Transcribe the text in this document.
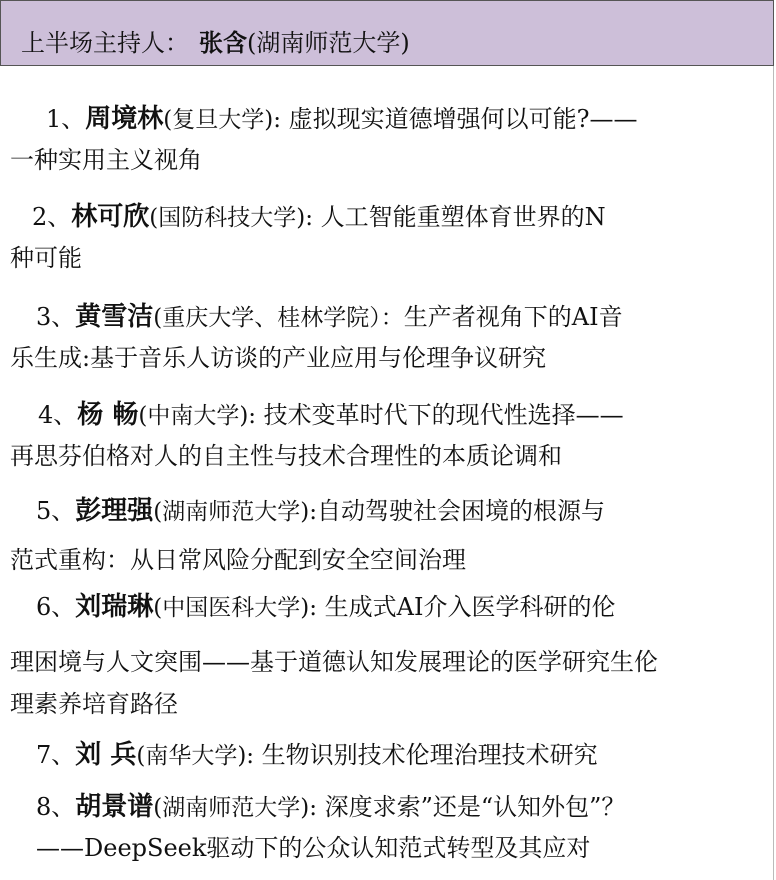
上半场主持人： 张含(湖南师范大学)
1、周境林(复旦大学): 虚拟现实道德增强何以可能?——
一种实用主义视角
2、林可欣(国防科技大学): 人工智能重塑体育世界的N
种可能
3、黄雪洁(重庆大学、桂林学院）：生产者视角下的AI音
乐生成:基于音乐人访谈的产业应用与伦理争议研究
4、杨 畅(中南大学): 技术变革时代下的现代性选择——
再思芬伯格对人的自主性与技术合理性的本质论调和
5、彭理强(湖南师范大学):自动驾驶社会困境的根源与
范式重构：从日常风险分配到安全空间治理
6、刘瑞琳(中国医科大学): 生成式AI介入医学科研的伦
理困境与人文突围——基于道德认知发展理论的医学研究生伦
理素养培育路径
7、刘 兵(南华大学): 生物识别技术伦理治理技术研究
8、胡景谱(湖南师范大学): 深度求索”还是“认知外包”？
——DeepSeek驱动下的公众认知范式转型及其应对
